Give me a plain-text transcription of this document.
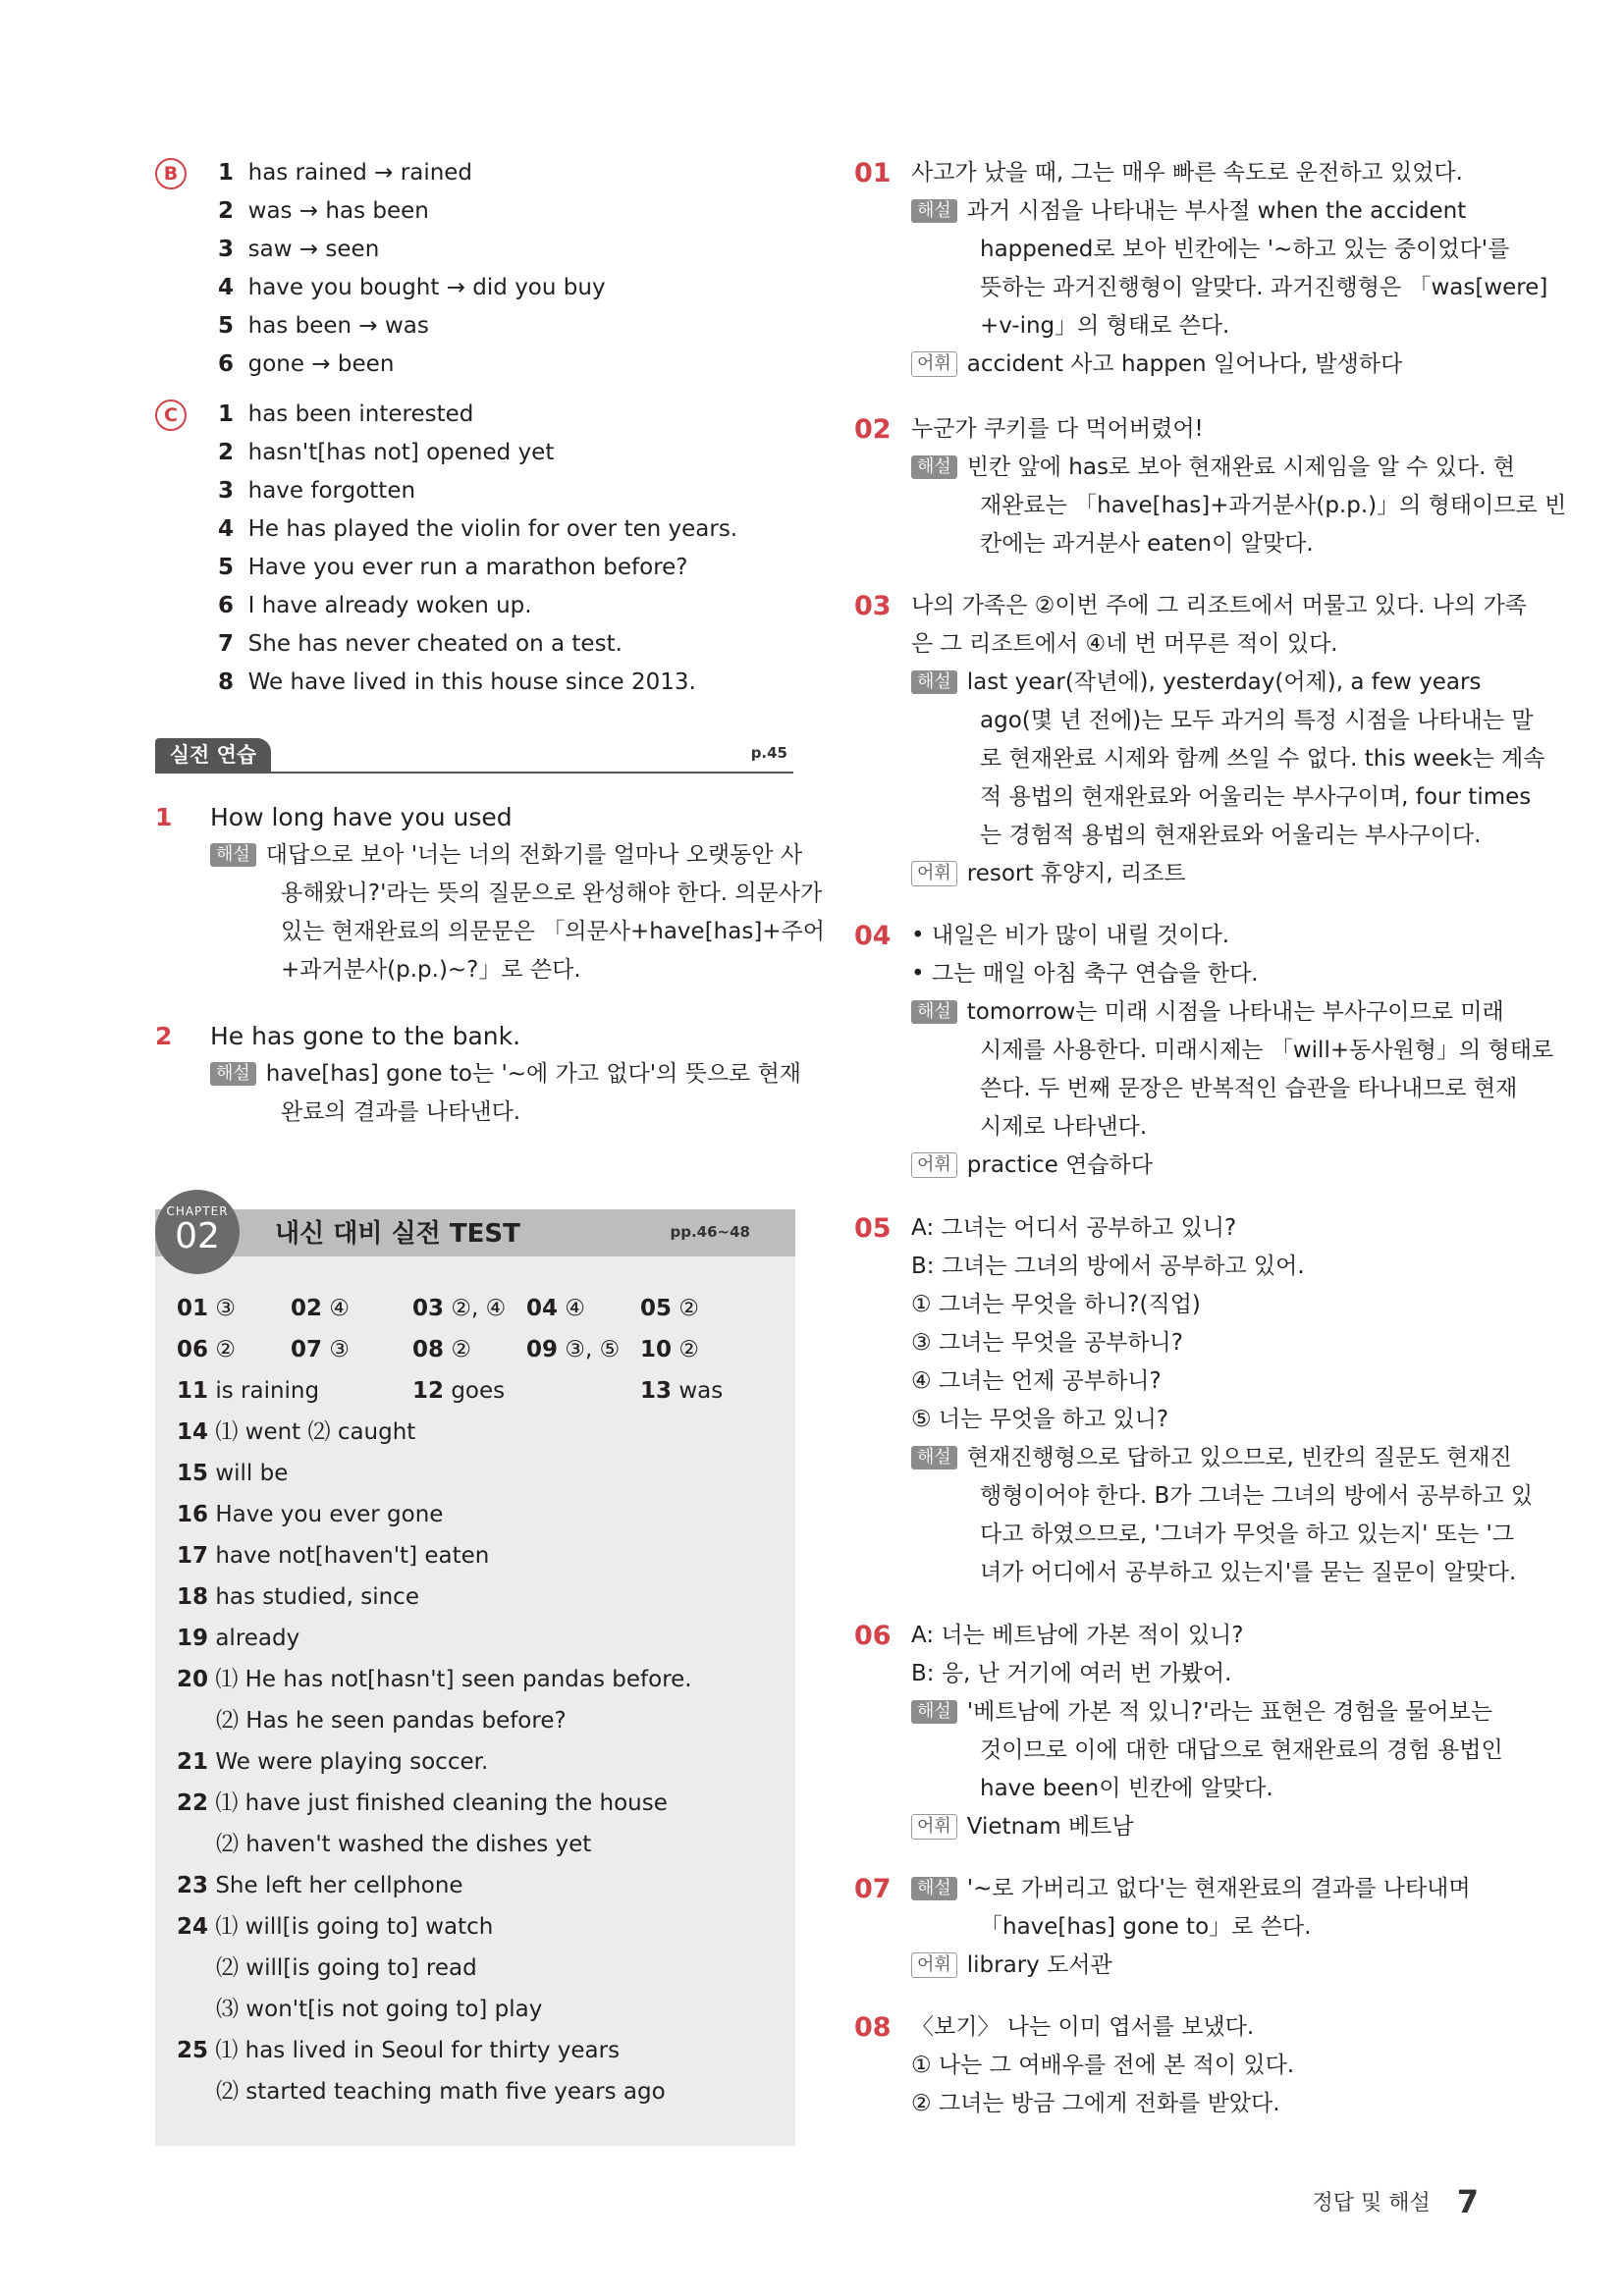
B	1 has rained → rained
2 was → has been
3 saw → seen
4 have you bought → did you buy
5 has been → was
6 gone → been
C	1 has been interested
2 hasn't[has not] opened yet
3 have forgotten
4 He has played the violin for over ten years.
5 Have you ever run a marathon before?
6 I have already woken up.
7 She has never cheated on a test.
8 We have lived in this house since 2013.
실전 연습	p.45
1 How long have you used
해설 대답으로 보아 '너는 너의 전화기를 얼마나 오랫동안 사
용해왔니?'라는 뜻의 질문으로 완성해야 한다. 의문사가
있는 현재완료의 의문문은 「의문사+have[has]+주어
+과거분사(p.p.)~?」로 쓴다.
2 He has gone to the bank.
해설 have[has] gone to는 '~에 가고 없다'의 뜻으로 현재
완료의 결과를 나타낸다.
CHAPTER
02	내신 대비 실전 TEST	pp.46~48
01 ③ 02 ④	03 ②, ④ 04 ④ 05 ②
06 ② 07 ③	08 ② 09 ③, ⑤ 10 ②
11 is raining	12 goes	13 was
14 ⑴ went ⑵ caught
15 will be
16 Have you ever gone
17 have not[haven't] eaten
18 has studied, since
19 already
20 ⑴ He has not[hasn't] seen pandas before.
⑵ Has he seen pandas before?
21 We were playing soccer.
22 ⑴ have just finished cleaning the house
⑵ haven't washed the dishes yet
23 She left her cellphone
24 ⑴ will[is going to] watch
⑵ will[is going to] read
⑶ won't[is not going to] play
25 ⑴ has lived in Seoul for thirty years
⑵ started teaching math five years ago
01 사고가 났을 때, 그는 매우 빠른 속도로 운전하고 있었다.
해설 과거 시점을 나타내는 부사절 when the accident
happened로 보아 빈칸에는 '~하고 있는 중이었다'를
뜻하는 과거진행형이 알맞다. 과거진행형은 「was[were]
+v-ing」의 형태로 쓴다.
어휘 accident 사고 happen 일어나다, 발생하다
02 누군가 쿠키를 다 먹어버렸어!
해설 빈칸 앞에 has로 보아 현재완료 시제임을 알 수 있다. 현
재완료는 「have[has]+과거분사(p.p.)」의 형태이므로 빈
칸에는 과거분사 eaten이 알맞다.
03 나의 가족은 ②이번 주에 그 리조트에서 머물고 있다. 나의 가족
은 그 리조트에서 ④네 번 머무른 적이 있다.
해설 last year(작년에), yesterday(어제), a few years
ago(몇 년 전에)는 모두 과거의 특정 시점을 나타내는 말
로 현재완료 시제와 함께 쓰일 수 없다. this week는 계속
적 용법의 현재완료와 어울리는 부사구이며, four times
는 경험적 용법의 현재완료와 어울리는 부사구이다.
어휘 resort 휴양지, 리조트
04 • 내일은 비가 많이 내릴 것이다.
• 그는 매일 아침 축구 연습을 한다.
해설 tomorrow는 미래 시점을 나타내는 부사구이므로 미래
시제를 사용한다. 미래시제는 「will+동사원형」의 형태로
쓴다. 두 번째 문장은 반복적인 습관을 타나내므로 현재
시제로 나타낸다.
어휘 practice 연습하다
05 A: 그녀는 어디서 공부하고 있니?
B: 그녀는 그녀의 방에서 공부하고 있어.
① 그녀는 무엇을 하니?(직업)
③ 그녀는 무엇을 공부하니?
④ 그녀는 언제 공부하니?
⑤ 너는 무엇을 하고 있니?
해설 현재진행형으로 답하고 있으므로, 빈칸의 질문도 현재진
행형이어야 한다. B가 그녀는 그녀의 방에서 공부하고 있
다고 하였으므로, '그녀가 무엇을 하고 있는지' 또는 '그
녀가 어디에서 공부하고 있는지'를 묻는 질문이 알맞다.
06 A: 너는 베트남에 가본 적이 있니?
B: 응, 난 거기에 여러 번 가봤어.
해설 '베트남에 가본 적 있니?'라는 표현은 경험을 물어보는
것이므로 이에 대한 대답으로 현재완료의 경험 용법인
have been이 빈칸에 알맞다.
어휘 Vietnam 베트남
07	해설 '~로 가버리고 없다'는 현재완료의 결과를 나타내며
「have[has] gone to」로 쓴다.
어휘 library 도서관
08 〈보기〉 나는 이미 엽서를 보냈다.
① 나는 그 여배우를 전에 본 적이 있다.
② 그녀는 방금 그에게 전화를 받았다.
정답 및 해설 7
